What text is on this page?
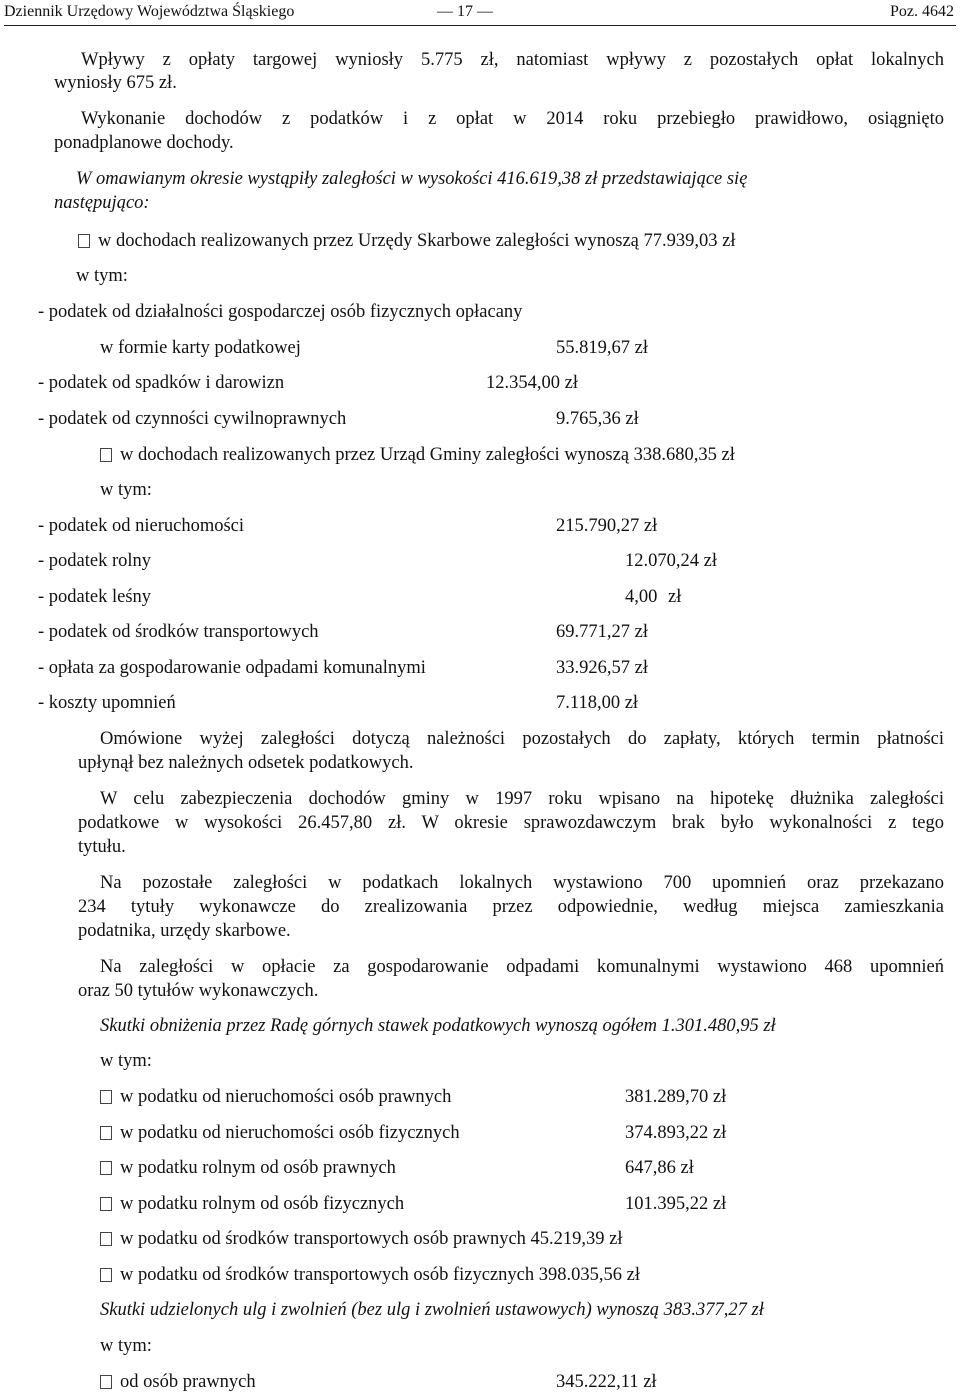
Dziennik Urzędowy Województwa Śląskiego	— 17 —	Poz. 4642
Wpływy z opłaty targowej wyniosły 5.775 zł, natomiast wpływy z pozostałych opłat lokalnych
wyniosły 675 zł.
Wykonanie dochodów z podatków i z opłat w 2014 roku przebiegło prawidłowo, osiągnięto
ponadplanowe dochody.
W omawianym okresie wystąpiły zaległości w wysokości 416.619,38 zł przedstawiające się
następująco:
w dochodach realizowanych przez Urzędy Skarbowe zaległości wynoszą 77.939,03 zł
w tym:
- podatek od działalności gospodarczej osób fizycznych opłacany
w formie karty podatkowej	55.819,67 zł
- podatek od spadków i darowizn	12.354,00 zł
- podatek od czynności cywilnoprawnych	9.765,36 zł
w dochodach realizowanych przez Urząd Gminy zaległości wynoszą 338.680,35 zł
w tym:
- podatek od nieruchomości	215.790,27 zł
- podatek rolny	12.070,24 zł
- podatek leśny	4,00 zł
- podatek od środków transportowych	69.771,27 zł
- opłata za gospodarowanie odpadami komunalnymi	33.926,57 zł
- koszty upomnień	7.118,00 zł
Omówione wyżej zaległości dotyczą należności pozostałych do zapłaty, których termin płatności
upłynął bez należnych odsetek podatkowych.
W celu zabezpieczenia dochodów gminy w 1997 roku wpisano na hipotekę dłużnika zaległości
podatkowe w wysokości 26.457,80 zł. W okresie sprawozdawczym brak było wykonalności z tego
tytułu.
Na pozostałe zaległości w podatkach lokalnych wystawiono 700 upomnień oraz przekazano
234 tytuły wykonawcze do zrealizowania przez odpowiednie, według miejsca zamieszkania
podatnika, urzędy skarbowe.
Na zaległości w opłacie za gospodarowanie odpadami komunalnymi wystawiono 468 upomnień
oraz 50 tytułów wykonawczych.
Skutki obniżenia przez Radę górnych stawek podatkowych wynoszą ogółem 1.301.480,95 zł
w tym:
w podatku od nieruchomości osób prawnych	381.289,70 zł
w podatku od nieruchomości osób fizycznych	374.893,22 zł
w podatku rolnym od osób prawnych	647,86 zł
w podatku rolnym od osób fizycznych	101.395,22 zł
w podatku od środków transportowych osób prawnych 45.219,39 zł
w podatku od środków transportowych osób fizycznych 398.035,56 zł
Skutki udzielonych ulg i zwolnień (bez ulg i zwolnień ustawowych) wynoszą 383.377,27 zł
w tym:
od osób prawnych	345.222,11 zł
